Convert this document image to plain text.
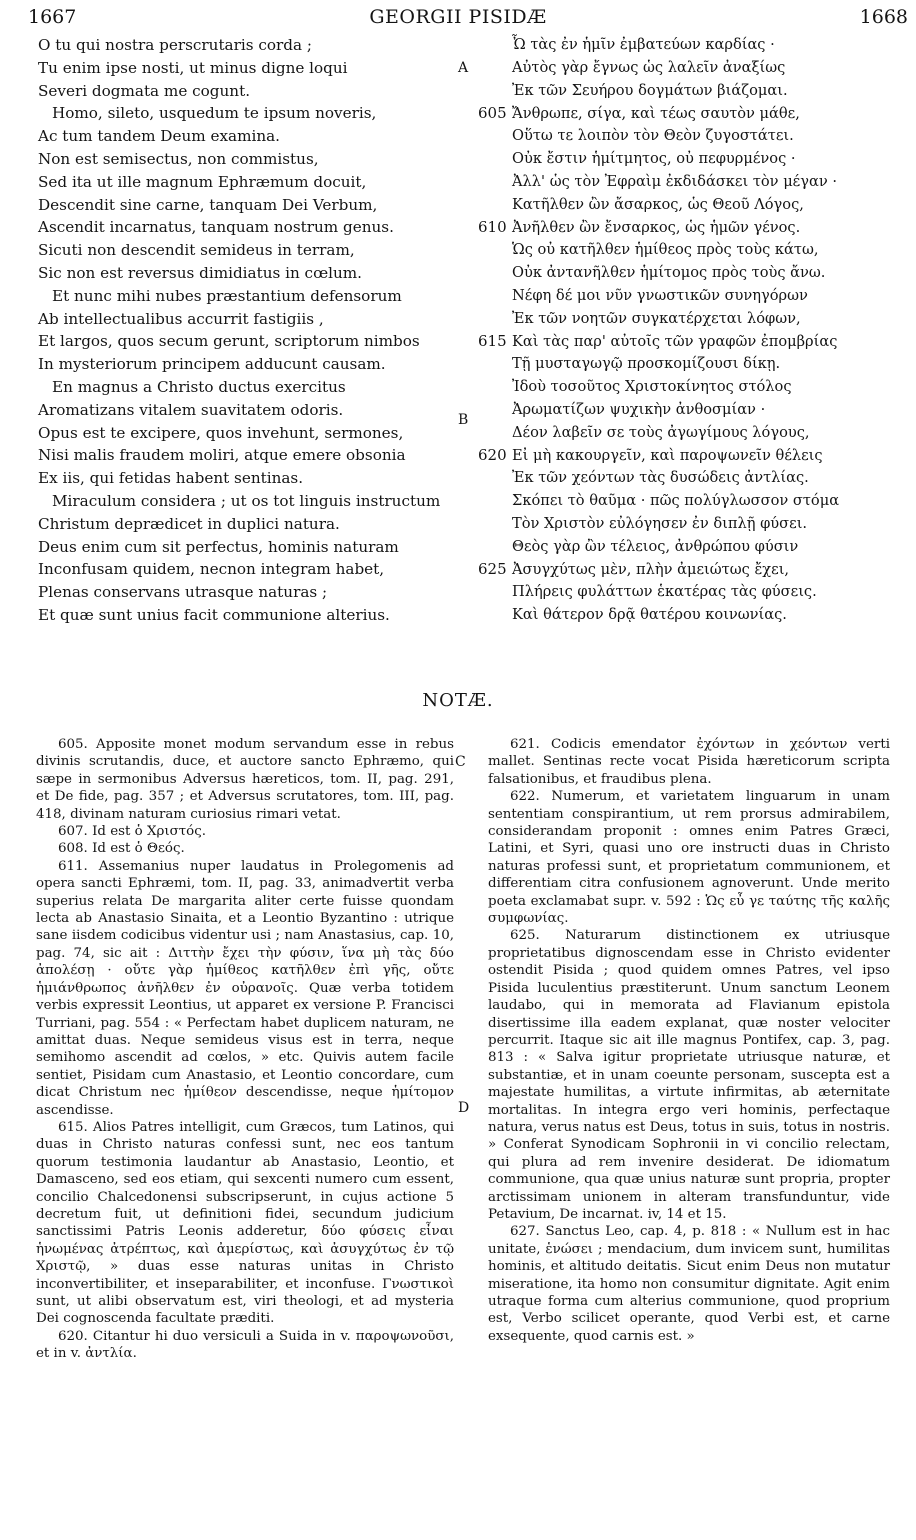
1667	GEORGII PISIDÆ	1668
A
B
C
D
O tu qui nostra perscrutaris corda ;
Tu enim ipse nosti, ut minus digne loqui
Severi dogmata me cogunt.
Homo, sileto, usquedum te ipsum noveris,
Ac tum tandem Deum examina.
Non est semisectus, non commistus,
Sed ita ut ille magnum Ephræmum docuit,
Descendit sine carne, tanquam Dei Verbum,
Ascendit incarnatus, tanquam nostrum genus.
Sicuti non descendit semideus in terram,
Sic non est reversus dimidiatus in cœlum.
Et nunc mihi nubes præstantium defensorum
Ab intellectualibus accurrit fastigiis ,
Et largos, quos secum gerunt, scriptorum nimbos
In mysteriorum principem adducunt causam.
En magnus a Christo ductus exercitus
Aromatizans vitalem suavitatem odoris.
Opus est te excipere, quos invehunt, sermones,
Nisi malis fraudem moliri, atque emere obsonia
Ex iis, qui fetidas habent sentinas.
Miraculum considera ; ut os tot linguis instructum
Christum deprædicet in duplici natura.
Deus enim cum sit perfectus, hominis naturam
Inconfusam quidem, necnon integram habet,
Plenas conservans utrasque naturas ;
Et quæ sunt unius facit communione alterius.
Ὦ τὰς ἐν ἡμῖν ἐμβατεύων καρδίας ·
Αὐτὸς γὰρ ἔγνως ὡς λαλεῖν ἀναξίως
Ἐκ τῶν Σευήρου δογμάτων βιάζομαι.
605 Ἄνθρωπε, σίγα, καὶ τέως σαυτὸν μάθε,
Οὕτω τε λοιπὸν τὸν Θεὸν ζυγοστάτει.
Οὐκ ἔστιν ἡμίτμητος, οὐ πεφυρμένος ·
Ἀλλ' ὡς τὸν Ἐφραὶμ ἐκδιδάσκει τὸν μέγαν ·
Κατῆλθεν ὢν ἄσαρκος, ὡς Θεοῦ Λόγος,
610 Ἀνῆλθεν ὢν ἔνσαρκος, ὡς ἡμῶν γένος.
Ὡς οὐ κατῆλθεν ἡμίθεος πρὸς τοὺς κάτω,
Οὐκ ἀντανῆλθεν ἡμίτομος πρὸς τοὺς ἄνω.
Νέφη δέ μοι νῦν γνωστικῶν συνηγόρων
Ἐκ τῶν νοητῶν συγκατέρχεται λόφων,
615 Καὶ τὰς παρ' αὐτοῖς τῶν γραφῶν ἐπομβρίας
Τῇ μυσταγωγῷ προσκομίζουσι δίκῃ.
Ἰδοὺ τοσοῦτος Χριστοκίνητος στόλος
Ἀρωματίζων ψυχικὴν ἀνθοσμίαν ·
Δέον λαβεῖν σε τοὺς ἀγωγίμους λόγους,
620 Εἰ μὴ κακουργεῖν, καὶ παροψωνεῖν θέλεις
Ἐκ τῶν χεόντων τὰς δυσώδεις ἀντλίας.
Σκόπει τὸ θαῦμα · πῶς πολύγλωσσον στόμα
Τὸν Χριστὸν εὐλόγησεν ἐν διπλῇ φύσει.
Θεὸς γὰρ ὢν τέλειος, ἀνθρώπου φύσιν
625 Ἀσυγχύτως μὲν, πλὴν ἀμειώτως ἔχει,
Πλήρεις φυλάττων ἑκατέρας τὰς φύσεις.
Καὶ θάτερον δρᾷ θατέρου κοινωνίας.
NOTÆ.

605. Apposite monet modum servandum esse in rebus divinis scrutandis, duce, et auctore sancto Ephræmo, qui sæpe in sermonibus Adversus hæreticos, tom. II, pag. 291, et De fide, pag. 357 ; et Adversus scrutatores, tom. III, pag. 418, divinam naturam curiosius rimari vetat.

607. Id est ὁ Χριστός.

608. Id est ὁ Θεός.

611. Assemanius nuper laudatus in Prolegomenis ad opera sancti Ephræmi, tom. II, pag. 33, animadvertit verba superius relata De margarita aliter certe fuisse quondam lecta ab Anastasio Sinaita, et a Leontio Byzantino : utrique sane iisdem codicibus videntur usi ; nam Anastasius, cap. 10, pag. 74, sic ait : Διττὴν ἔχει τὴν φύσιν, ἵνα μὴ τὰς δύο ἀπολέσῃ · οὔτε γὰρ ἡμίθεος κατῆλθεν ἐπὶ γῆς, οὔτε ἡμιάνθρωπος ἀνῆλθεν ἐν οὐρανοῖς. Quæ verba totidem verbis expressit Leontius, ut apparet ex versione P. Francisci Turriani, pag. 554 : « Perfectam habet duplicem naturam, ne amittat duas. Neque semideus visus est in terra, neque semihomo ascendit ad cœlos, » etc. Quivis autem facile sentiet, Pisidam cum Anastasio, et Leontio concordare, cum dicat Christum nec ἡμίθεον descendisse, neque ἡμίτομον ascendisse.

615. Alios Patres intelligit, cum Græcos, tum Latinos, qui duas in Christo naturas confessi sunt, nec eos tantum quorum testimonia laudantur ab Anastasio, Leontio, et Damasceno, sed eos etiam, qui sexcenti numero cum essent, concilio Chalcedonensi subscripserunt, in cujus actione 5 decretum fuit, ut definitioni fidei, secundum judicium sanctissimi Patris Leonis adderetur, δύο φύσεις εἶναι ἡνωμένας ἀτρέπτως, καὶ ἀμερίστως, καὶ ἀσυγχύτως ἐν τῷ Χριστῷ, » duas esse naturas unitas in Christo inconvertibiliter, et inseparabiliter, et inconfuse. Γνωστικοὶ sunt, ut alibi observatum est, viri theologi, et ad mysteria Dei cognoscenda facultate præditi.

620. Citantur hi duo versiculi a Suida in v. παροψωνοῦσι, et in v. ἀντλία.

621. Codicis emendator ἐχόντων in χεόντων verti mallet. Sentinas recte vocat Pisida hæreticorum scripta falsationibus, et fraudibus plena.

622. Numerum, et varietatem linguarum in unam sententiam conspirantium, ut rem prorsus admirabilem, considerandam proponit : omnes enim Patres Græci, Latini, et Syri, quasi uno ore instructi duas in Christo naturas professi sunt, et proprietatum communionem, et differentiam citra confusionem agnoverunt. Unde merito poeta exclamabat supr. v. 592 : Ὡς εὖ γε ταύτης τῆς καλῆς συμφωνίας.

625. Naturarum distinctionem ex utriusque proprietatibus dignoscendam esse in Christo evidenter ostendit Pisida ; quod quidem omnes Patres, vel ipso Pisida luculentius præstiterunt. Unum sanctum Leonem laudabo, qui in memorata ad Flavianum epistola disertissime illa eadem explanat, quæ noster velociter percurrit. Itaque sic ait ille magnus Pontifex, cap. 3, pag. 813 : « Salva igitur proprietate utriusque naturæ, et substantiæ, et in unam coeunte personam, suscepta est a majestate humilitas, a virtute infirmitas, ab æternitate mortalitas. In integra ergo veri hominis, perfectaque natura, verus natus est Deus, totus in suis, totus in nostris. » Conferat Synodicam Sophronii in vi concilio relectam, qui plura ad rem invenire desiderat. De idiomatum communione, qua quæ unius naturæ sunt propria, propter arctissimam unionem in alteram transfunduntur, vide Petavium, De incarnat. iv, 14 et 15.

627. Sanctus Leo, cap. 4, p. 818 : « Nullum est in hac unitate, ἑνώσει ; mendacium, dum invicem sunt, humilitas hominis, et altitudo deitatis. Sicut enim Deus non mutatur miseratione, ita homo non consumitur dignitate. Agit enim utraque forma cum alterius communione, quod proprium est, Verbo scilicet operante, quod Verbi est, et carne exsequente, quod carnis est. »
